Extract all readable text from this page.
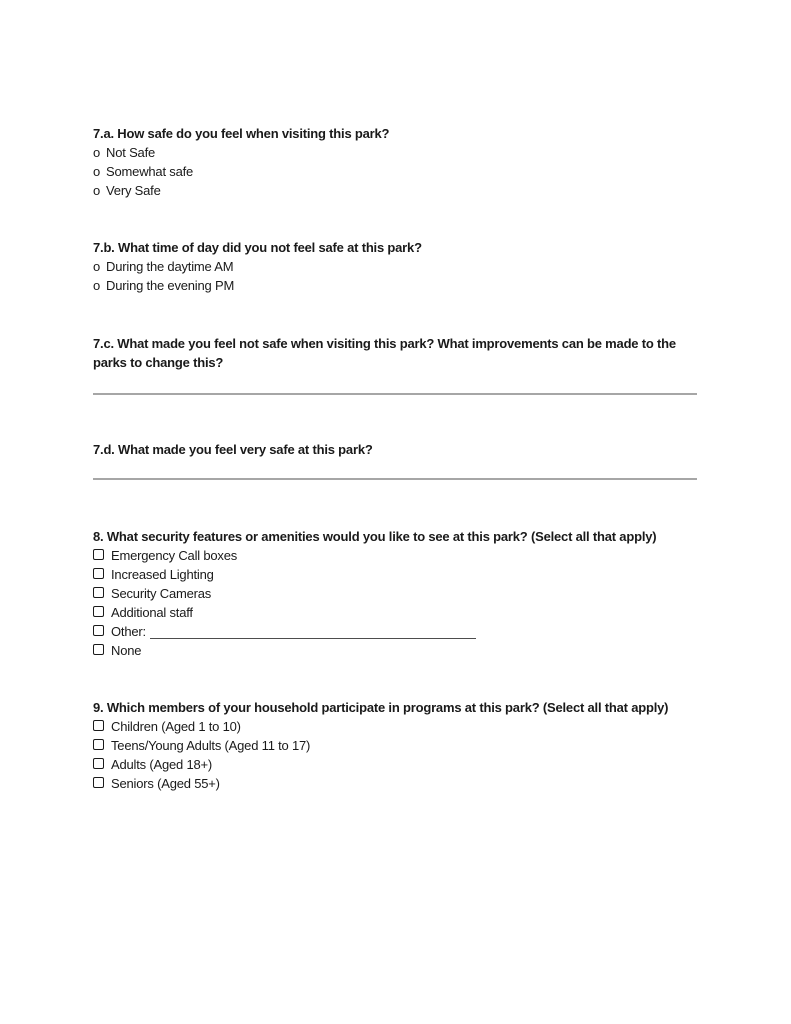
7.a. How safe do you feel when visiting this park?
o Not Safe
o Somewhat safe
o Very Safe
7.b. What time of day did you not feel safe at this park?
o During the daytime AM
o During the evening PM
7.c. What made you feel not safe when visiting this park? What improvements can be made to the parks to change this?
7.d. What made you feel very safe at this park?
8. What security features or amenities would you like to see at this park? (Select all that apply)
Emergency Call boxes
Increased Lighting
Security Cameras
Additional staff
Other:
None
9. Which members of your household participate in programs at this park? (Select all that apply)
Children (Aged 1 to 10)
Teens/Young Adults (Aged 11 to 17)
Adults (Aged 18+)
Seniors (Aged 55+)
